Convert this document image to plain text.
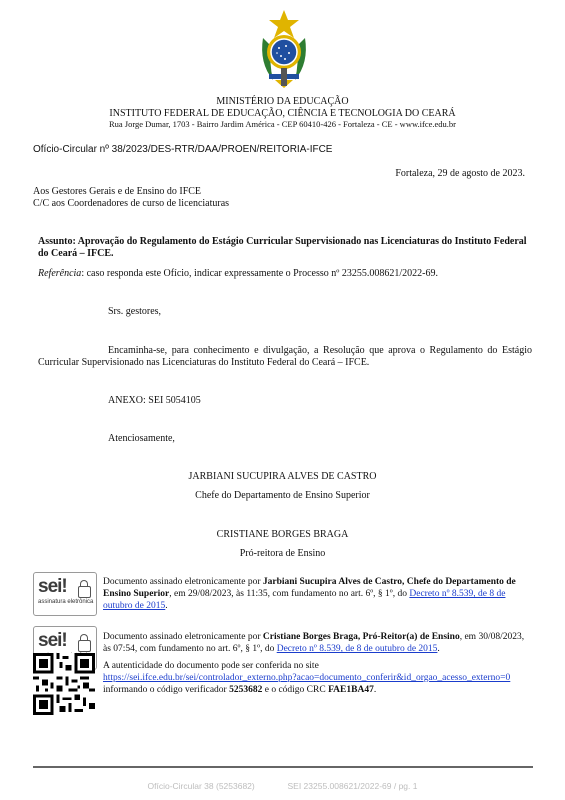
MINISTÉRIO DA EDUCAÇÃO
INSTITUTO FEDERAL DE EDUCAÇÃO, CIÊNCIA E TECNOLOGIA DO CEARÁ
Rua Jorge Dumar, 1703 - Bairro Jardim América - CEP 60410-426 - Fortaleza - CE - www.ifce.edu.br
Ofício-Circular nº 38/2023/DES-RTR/DAA/PROEN/REITORIA-IFCE
Fortaleza, 29 de agosto de 2023.
Aos Gestores Gerais e de Ensino do IFCE
C/C aos Coordenadores de curso de licenciaturas
Assunto: Aprovação do Regulamento do Estágio Curricular Supervisionado nas Licenciaturas do Instituto Federal do Ceará – IFCE.
Referência: caso responda este Ofício, indicar expressamente o Processo nº 23255.008621/2022-69.
Srs. gestores,
Encaminha-se, para conhecimento e divulgação, a Resolução que aprova o Regulamento do Estágio Curricular Supervisionado nas Licenciaturas do Instituto Federal do Ceará – IFCE.
ANEXO: SEI 5054105
Atenciosamente,
JARBIANI SUCUPIRA ALVES DE CASTRO
Chefe do Departamento de Ensino Superior
CRISTIANE BORGES BRAGA
Pró-reitora de Ensino
sei!
assinatura eletrônica
Documento assinado eletronicamente por Jarbiani Sucupira Alves de Castro, Chefe do Departamento de Ensino Superior, em 29/08/2023, às 11:35, com fundamento no art. 6º, § 1º, do Decreto nº 8.539, de 8 de outubro de 2015.
sei!	Documento assinado eletronicamente por Cristiane Borges Braga, Pró-Reitor(a) de Ensino, em 30/08/2023, às 07:54, com fundamento no art. 6º, § 1º, do Decreto nº 8.539, de 8 de outubro de 2015.
A autenticidade do documento pode ser conferida no site
https://sei.ifce.edu.br/sei/controlador_externo.php?acao=documento_conferir&id_orgao_acesso_externo=0 informando o código verificador 5253682 e o código CRC FAE1BA47.
Ofício-Circular 38 (5253682)	SEI 23255.008621/2022-69 / pg. 1
